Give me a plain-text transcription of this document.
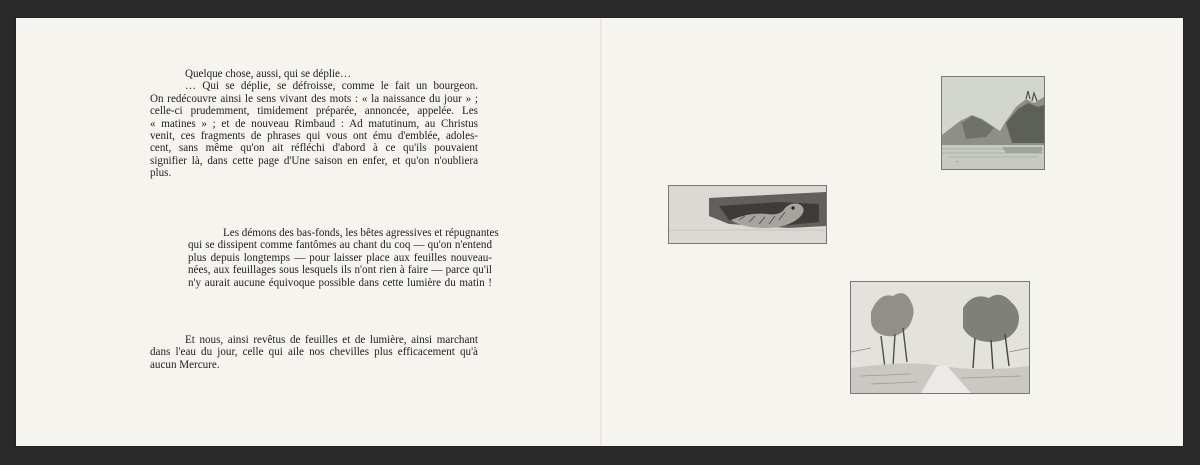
Quelque chose, aussi, qui se déplie…
… Qui se déplie, se défroisse, comme le fait un bourgeon.
On redécouvre ainsi le sens vivant des mots : « la naissance du jour » ;
celle-ci prudemment, timidement préparée, annoncée, appelée. Les
« matines » ; et de nouveau Rimbaud : Ad matutinum, au Christus
venit, ces fragments de phrases qui vous ont ému d'emblée, adoles-
cent, sans même qu'on ait réfléchi d'abord à ce qu'ils pouvaient
signifier là, dans cette page d'Une saison en enfer, et qu'on n'oubliera
plus.

Les démons des bas-fonds, les bêtes agressives et répugnantes
qui se dissipent comme fantômes au chant du coq — qu'on n'entend
plus depuis longtemps — pour laisser place aux feuilles nouveau-
nées, aux feuillages sous lesquels ils n'ont rien à faire — parce qu'il
n'y aurait aucune équivoque possible dans cette lumière du matin !

Et nous, ainsi revêtus de feuilles et de lumière, ainsi marchant
dans l'eau du jour, celle qui aile nos chevilles plus efficacement qu'à
aucun Mercure.

~
